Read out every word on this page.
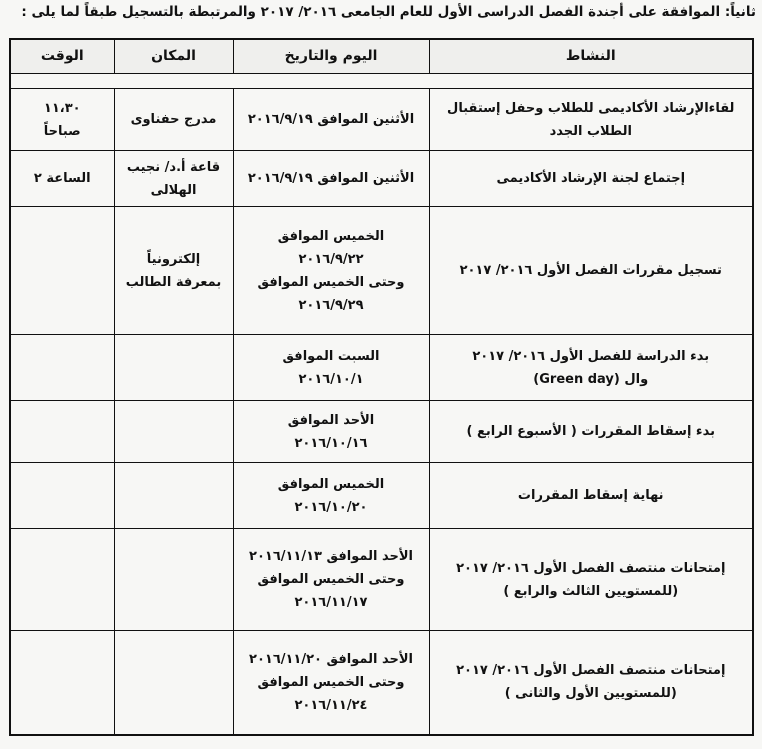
ثانياً: الموافقة على أجندة الفصل الدراسى الأول للعام الجامعى ٢٠١٦/ ٢٠١٧ والمرتبطة بالتسجيل طبقاً لما يلى :
النشاط	اليوم والتاريخ	المكان	الوقت

لقاءالإرشاد الأكاديمى للطلاب وحفل إستقبال
الطلاب الجدد	الأثنين الموافق ٢٠١٦/٩/١٩	مدرج حفناوى	١١،٣٠
صباحاً

إجتماع لجنة الإرشاد الأكاديمى	الأثنين الموافق ٢٠١٦/٩/١٩	قاعة أ.د/ نجيب
الهلالى	الساعة ٢

تسجيل مقررات الفصل الأول ٢٠١٦/ ٢٠١٧	الخميس الموافق
٢٠١٦/٩/٢٢
وحتى الخميس الموافق
٢٠١٦/٩/٢٩	إلكترونياً
بمعرفة الطالب	

بدء الدراسة للفصل الأول ٢٠١٦/ ٢٠١٧
وال (Green day)	السبت الموافق
٢٠١٦/١٠/١		

بدء إسقاط المقررات ( الأسبوع الرابع )	الأحد الموافق
٢٠١٦/١٠/١٦		

نهاية إسقاط المقررات	الخميس الموافق
٢٠١٦/١٠/٢٠		

إمتحانات منتصف الفصل الأول ٢٠١٦/ ٢٠١٧
(للمستويين الثالث والرابع )	الأحد الموافق ٢٠١٦/١١/١٣
وحتى الخميس الموافق
٢٠١٦/١١/١٧		

إمتحانات منتصف الفصل الأول ٢٠١٦/ ٢٠١٧
(للمستويين الأول والثانى )	الأحد الموافق ٢٠١٦/١١/٢٠
وحتى الخميس الموافق
٢٠١٦/١١/٢٤		
